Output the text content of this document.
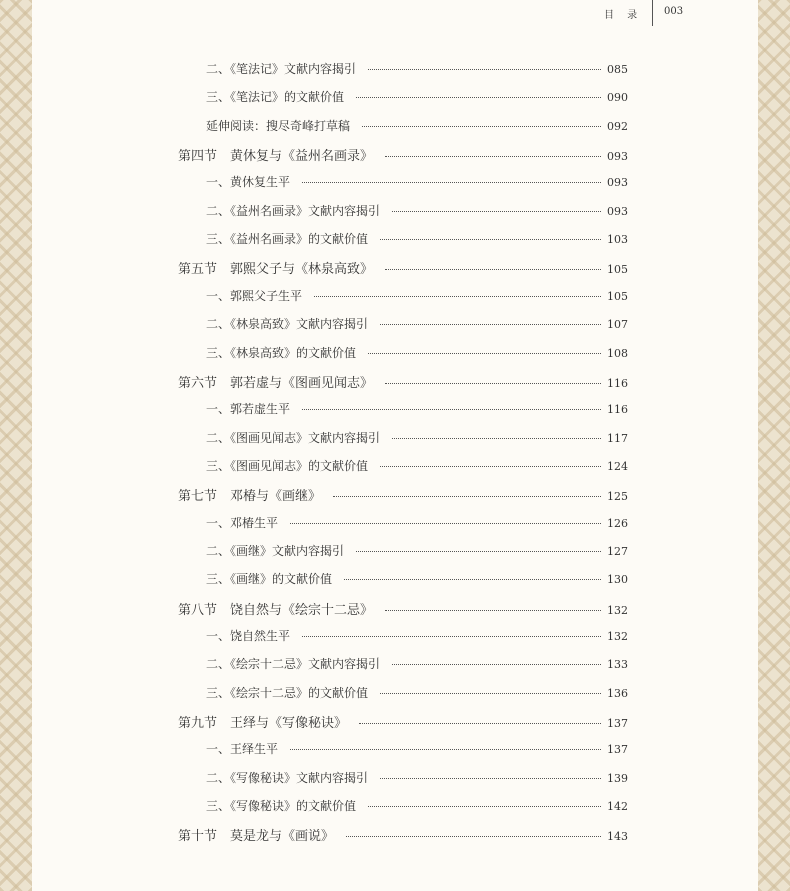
目 录 003
二、《笔法记》文献内容揭引	085
三、《笔法记》的文献价值	090
延伸阅读：搜尽奇峰打草稿	092
第四节　黄休复与《益州名画录》	093
一、黄休复生平	093
二、《益州名画录》文献内容揭引	093
三、《益州名画录》的文献价值	103
第五节　郭熙父子与《林泉高致》	105
一、郭熙父子生平	105
二、《林泉高致》文献内容揭引	107
三、《林泉高致》的文献价值	108
第六节　郭若虚与《图画见闻志》	116
一、郭若虚生平	116
二、《图画见闻志》文献内容揭引	117
三、《图画见闻志》的文献价值	124
第七节　邓椿与《画继》	125
一、邓椿生平	126
二、《画继》文献内容揭引	127
三、《画继》的文献价值	130
第八节　饶自然与《绘宗十二忌》	132
一、饶自然生平	132
二、《绘宗十二忌》文献内容揭引	133
三、《绘宗十二忌》的文献价值	136
第九节　王绎与《写像秘诀》	137
一、王绎生平	137
二、《写像秘诀》文献内容揭引	139
三、《写像秘诀》的文献价值	142
第十节　莫是龙与《画说》	143
